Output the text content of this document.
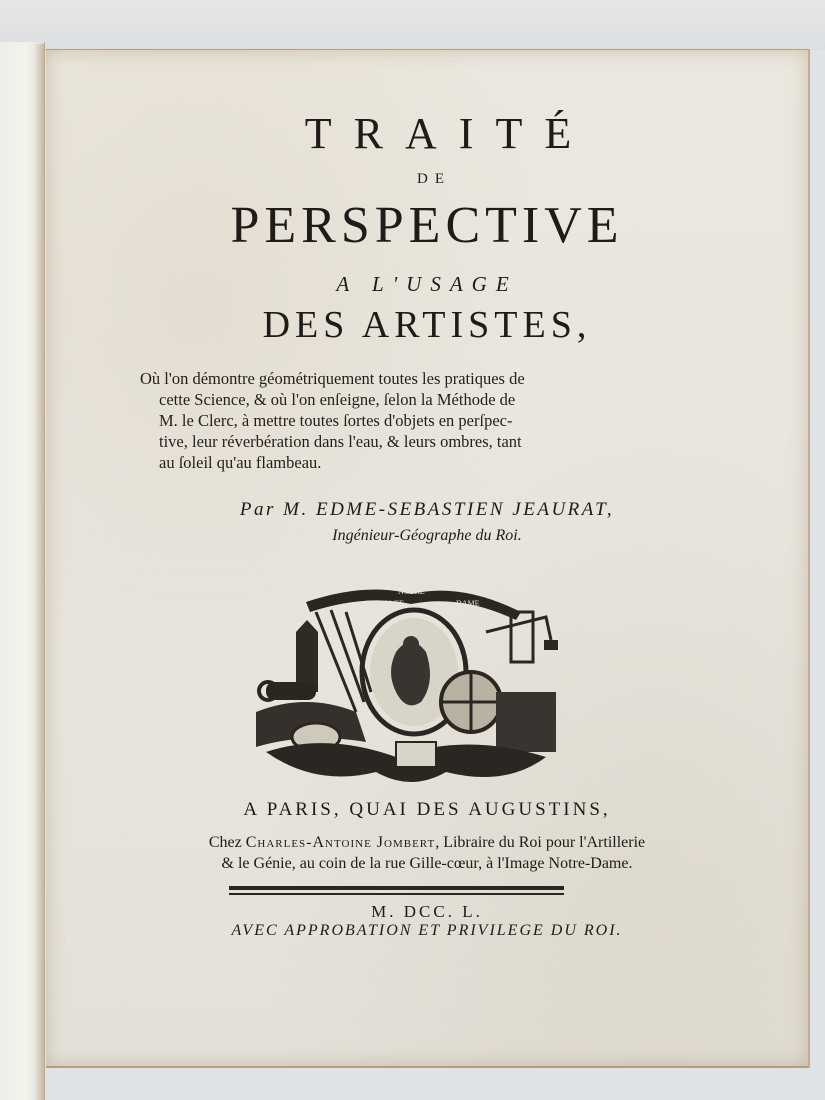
TRAITÉ
DE
PERSPECTIVE
A L'USAGE
DES ARTISTES,
Où l'on démontre géométriquement toutes les pratiques de
cette Science, & où l'on enſeigne, ſelon la Méthode de
M. le Clerc, à mettre toutes ſortes d'objets en perſpec-
tive, leur réverbération dans l'eau, & leurs ombres, tant
au ſoleil qu'au flambeau.
Par M. EDME-SEBASTIEN JEAURAT,
Ingénieur-Géographe du Roi.
A L'IMAGE
NOTRE
DAME
A PARIS, QUAI DES AUGUSTINS,
Chez Charles-Antoine Jombert, Libraire du Roi pour l'Artillerie
& le Génie, au coin de la rue Gille-cœur, à l'Image Notre-Dame.
M. DCC. L.
AVEC APPROBATION ET PRIVILEGE DU ROI.
